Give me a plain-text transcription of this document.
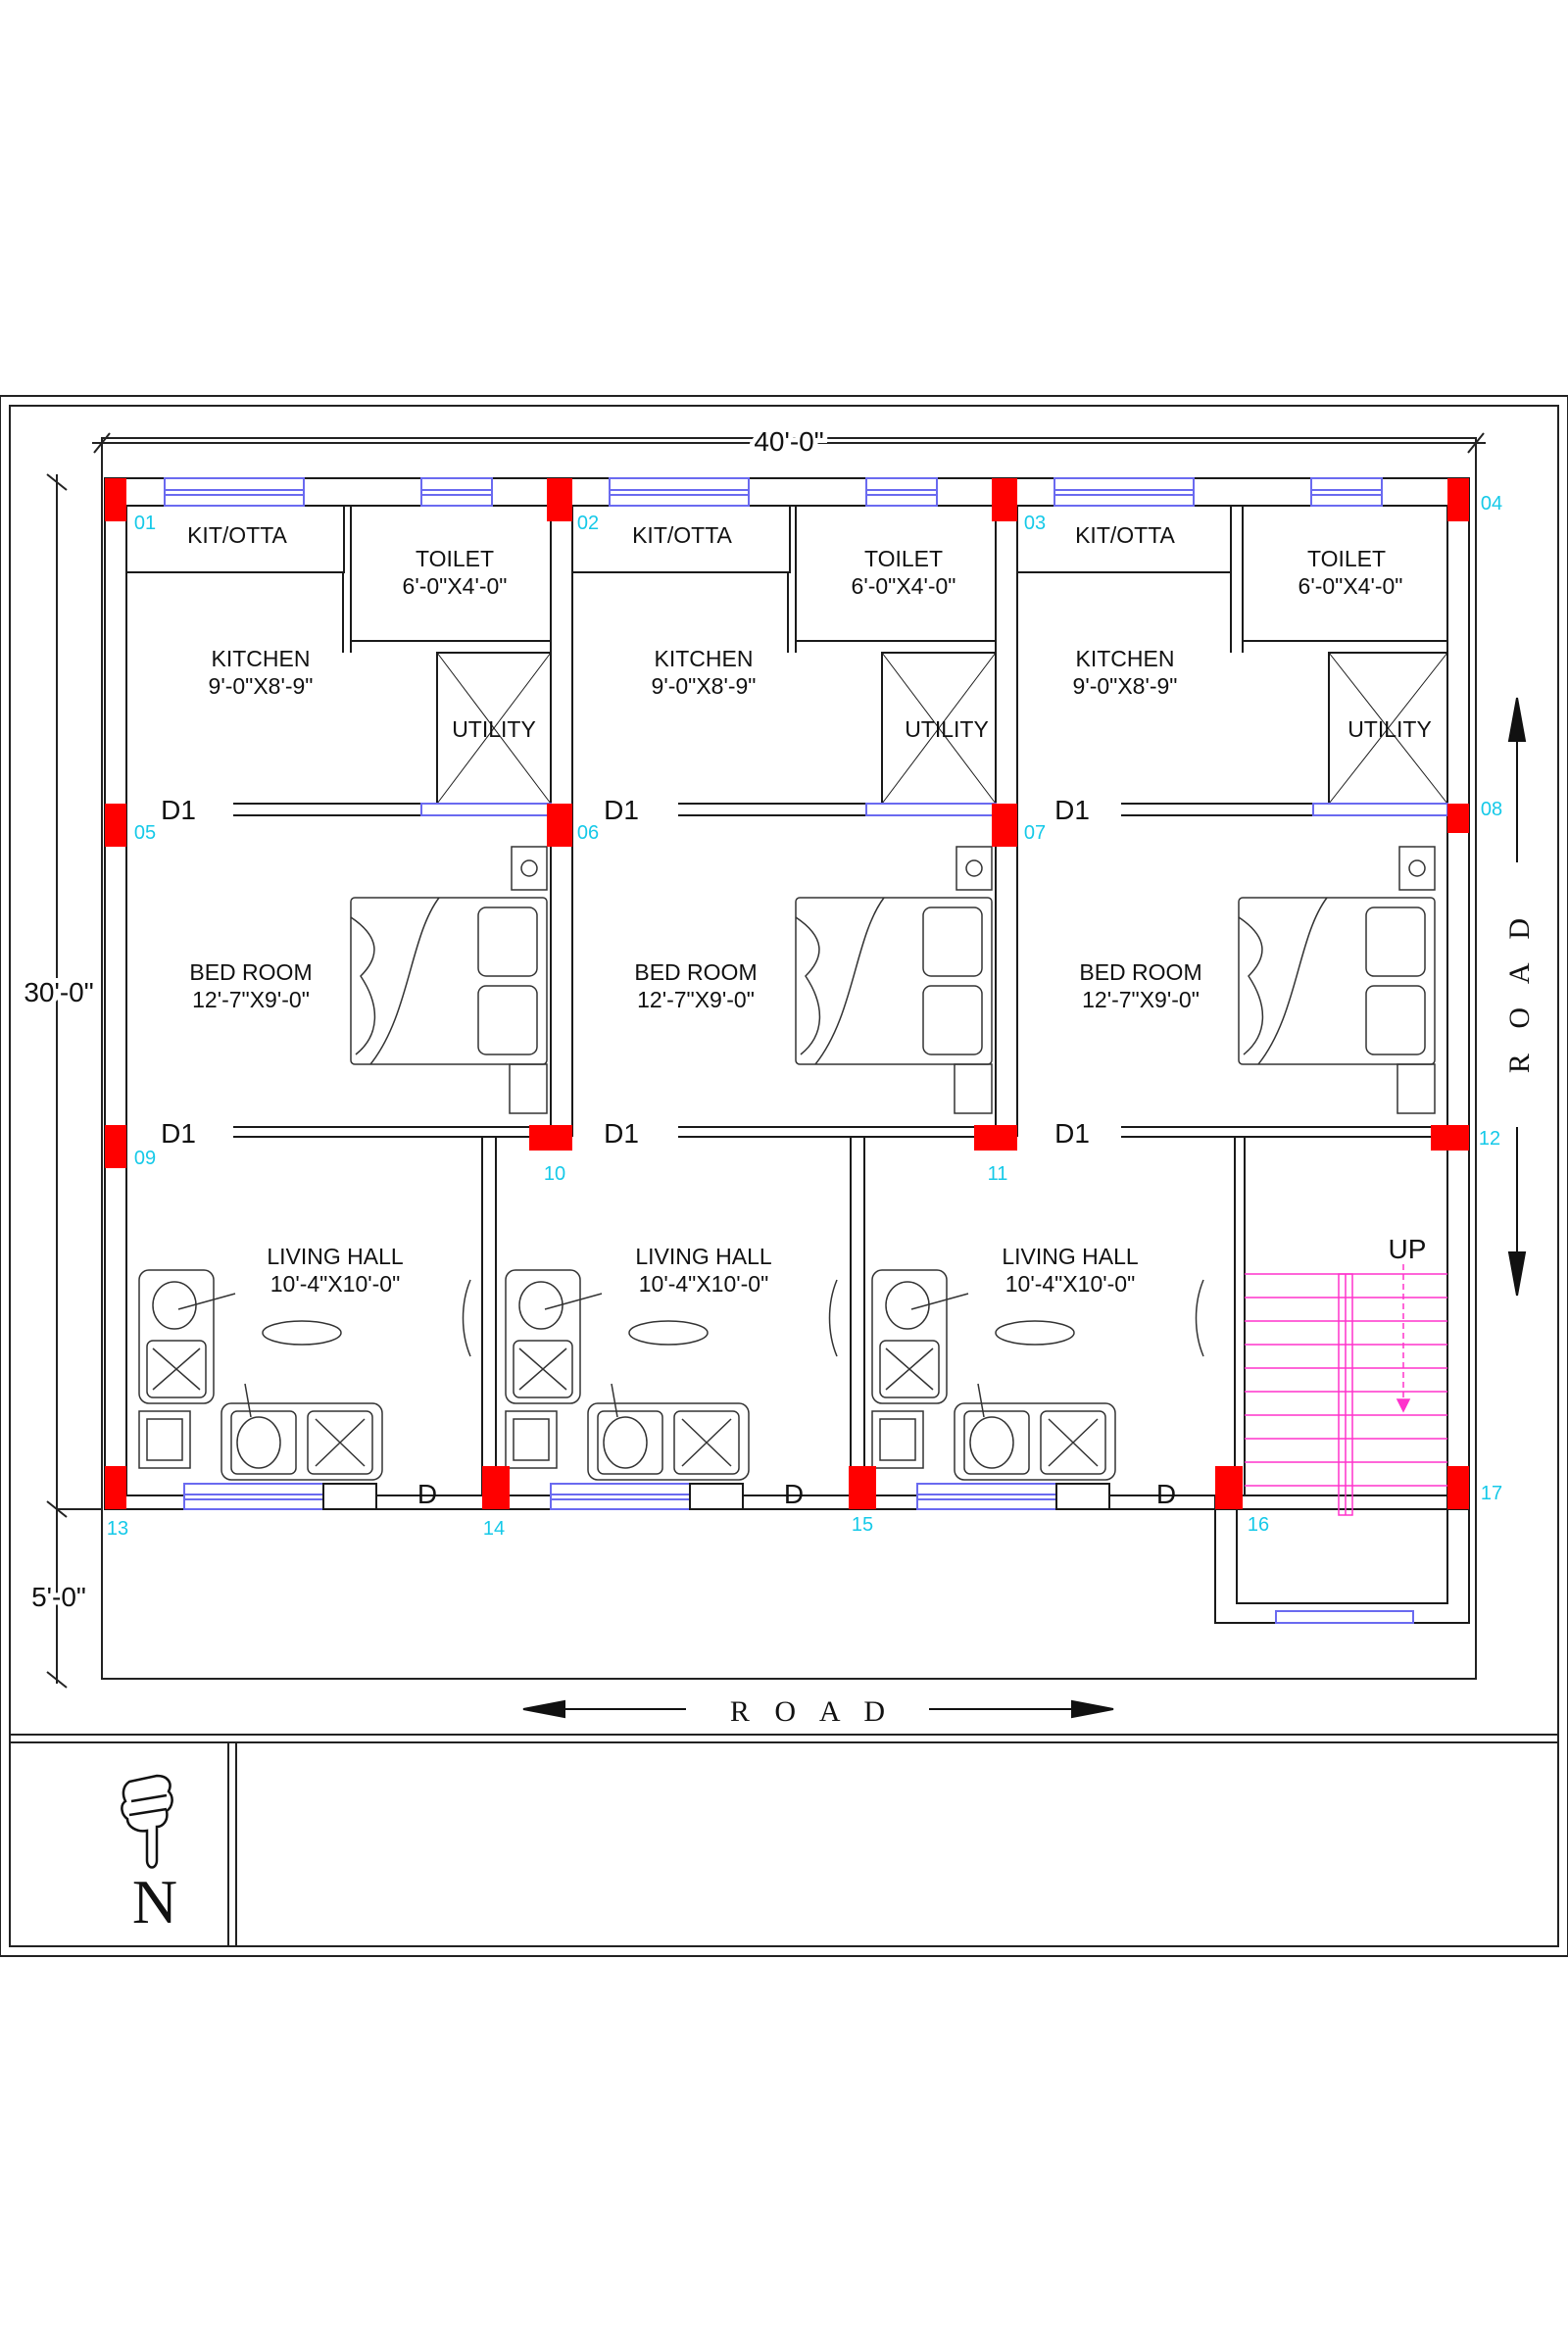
40'-0"
30'-0"
5'-0"
UP
01	02	03
04
05	06	07
08
09
10	11
12
13	14	15	16
17
KIT/OTTA
TOILET
6'-0"X4'-0"
KITCHEN
9'-0"X8'-9"
UTILITY
D1
BED ROOM
12'-7"X9'-0"
D1
LIVING HALL
10'-4"X10'-0"
D
KIT/OTTA
TOILET
6'-0"X4'-0"
KITCHEN
9'-0"X8'-9"
UTILITY
D1
BED ROOM
12'-7"X9'-0"
D1
LIVING HALL
10'-4"X10'-0"
D
KIT/OTTA
TOILET
6'-0"X4'-0"
KITCHEN
9'-0"X8'-9"
UTILITY
D1
BED ROOM
12'-7"X9'-0"
D1
LIVING HALL
10'-4"X10'-0"
D
R O A D
R O A D
N
